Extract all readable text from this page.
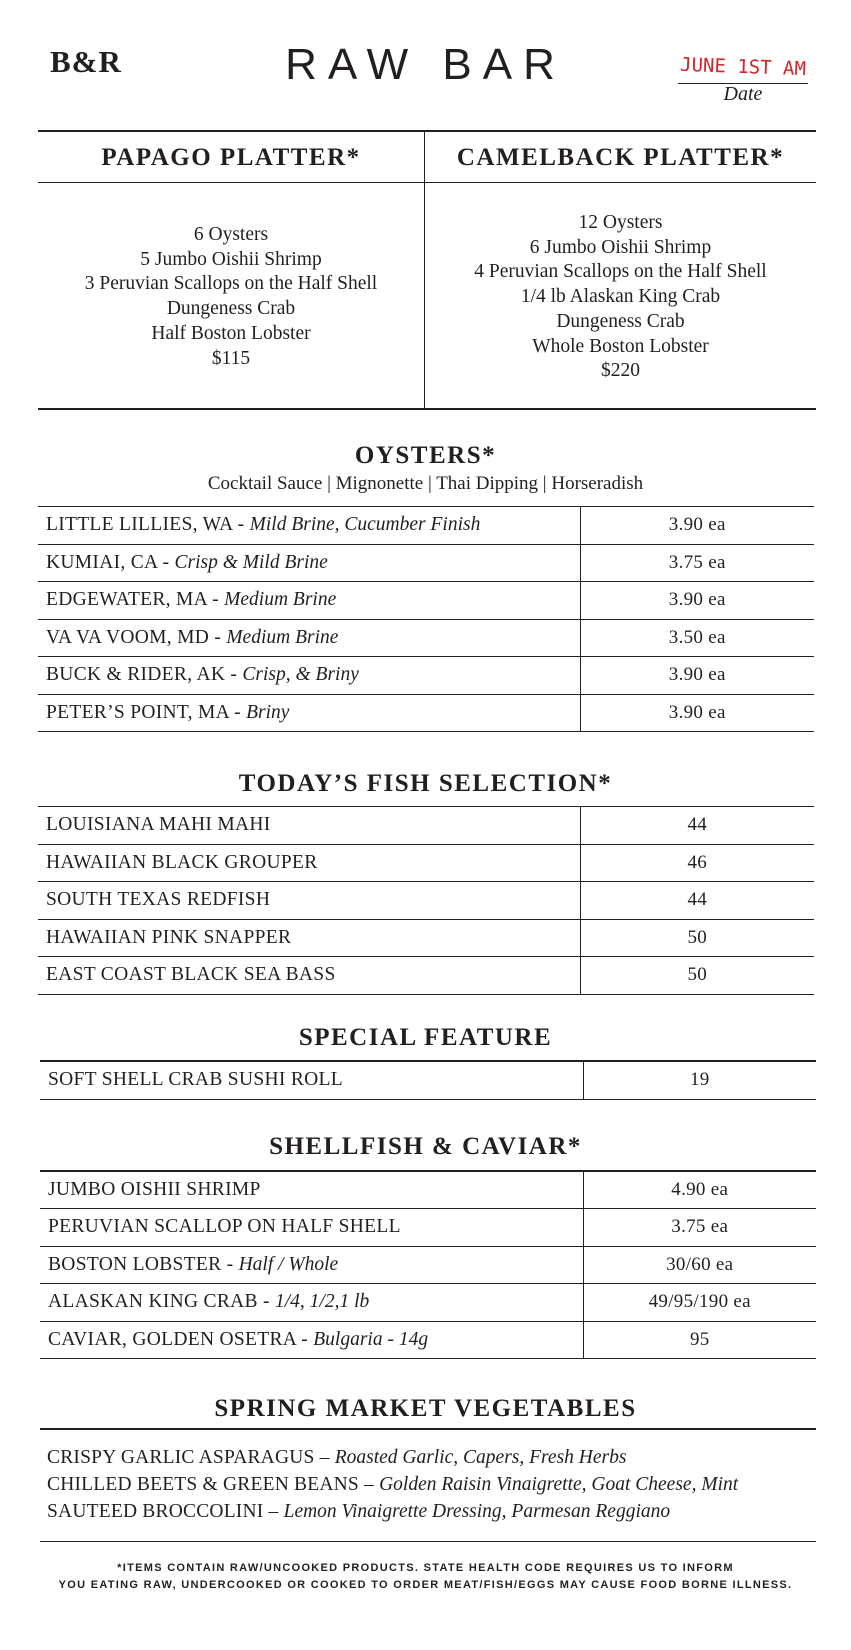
B&R	RAW BAR	JUNE 1ST AM
Date
PAPAGO PLATTER*	CAMELBACK PLATTER*
6 Oysters
5 Jumbo Oishii Shrimp
3 Peruvian Scallops on the Half Shell
Dungeness Crab
Half Boston Lobster
$115
12 Oysters
6 Jumbo Oishii Shrimp
4 Peruvian Scallops on the Half Shell
1/4 lb Alaskan King Crab
Dungeness Crab
Whole Boston Lobster
$220
OYSTERS*
Cocktail Sauce | Mignonette | Thai Dipping | Horseradish
LITTLE LILLIES, WA - Mild Brine, Cucumber Finish	3.90 ea
KUMIAI, CA - Crisp & Mild Brine	3.75 ea
EDGEWATER, MA - Medium Brine	3.90 ea
VA VA VOOM, MD - Medium Brine	3.50 ea
BUCK & RIDER, AK - Crisp, & Briny	3.90 ea
PETER’S POINT, MA - Briny	3.90 ea
TODAY’S FISH SELECTION*
LOUISIANA MAHI MAHI	44
HAWAIIAN BLACK GROUPER	46
SOUTH TEXAS REDFISH	44
HAWAIIAN PINK SNAPPER	50
EAST COAST BLACK SEA BASS	50
SPECIAL FEATURE
SOFT SHELL CRAB SUSHI ROLL	19
SHELLFISH & CAVIAR*
JUMBO OISHII SHRIMP	4.90 ea
PERUVIAN SCALLOP ON HALF SHELL	3.75 ea
BOSTON LOBSTER - Half / Whole	30/60 ea
ALASKAN KING CRAB - 1/4, 1/2,1 lb	49/95/190 ea
CAVIAR, GOLDEN OSETRA - Bulgaria - 14g	95
SPRING MARKET VEGETABLES
CRISPY GARLIC ASPARAGUS – Roasted Garlic, Capers, Fresh Herbs
CHILLED BEETS & GREEN BEANS – Golden Raisin Vinaigrette, Goat Cheese, Mint
SAUTEED BROCCOLINI – Lemon Vinaigrette Dressing, Parmesan Reggiano
*ITEMS CONTAIN RAW/UNCOOKED PRODUCTS. STATE HEALTH CODE REQUIRES US TO INFORM
YOU EATING RAW, UNDERCOOKED OR COOKED TO ORDER MEAT/FISH/EGGS MAY CAUSE FOOD BORNE ILLNESS.
